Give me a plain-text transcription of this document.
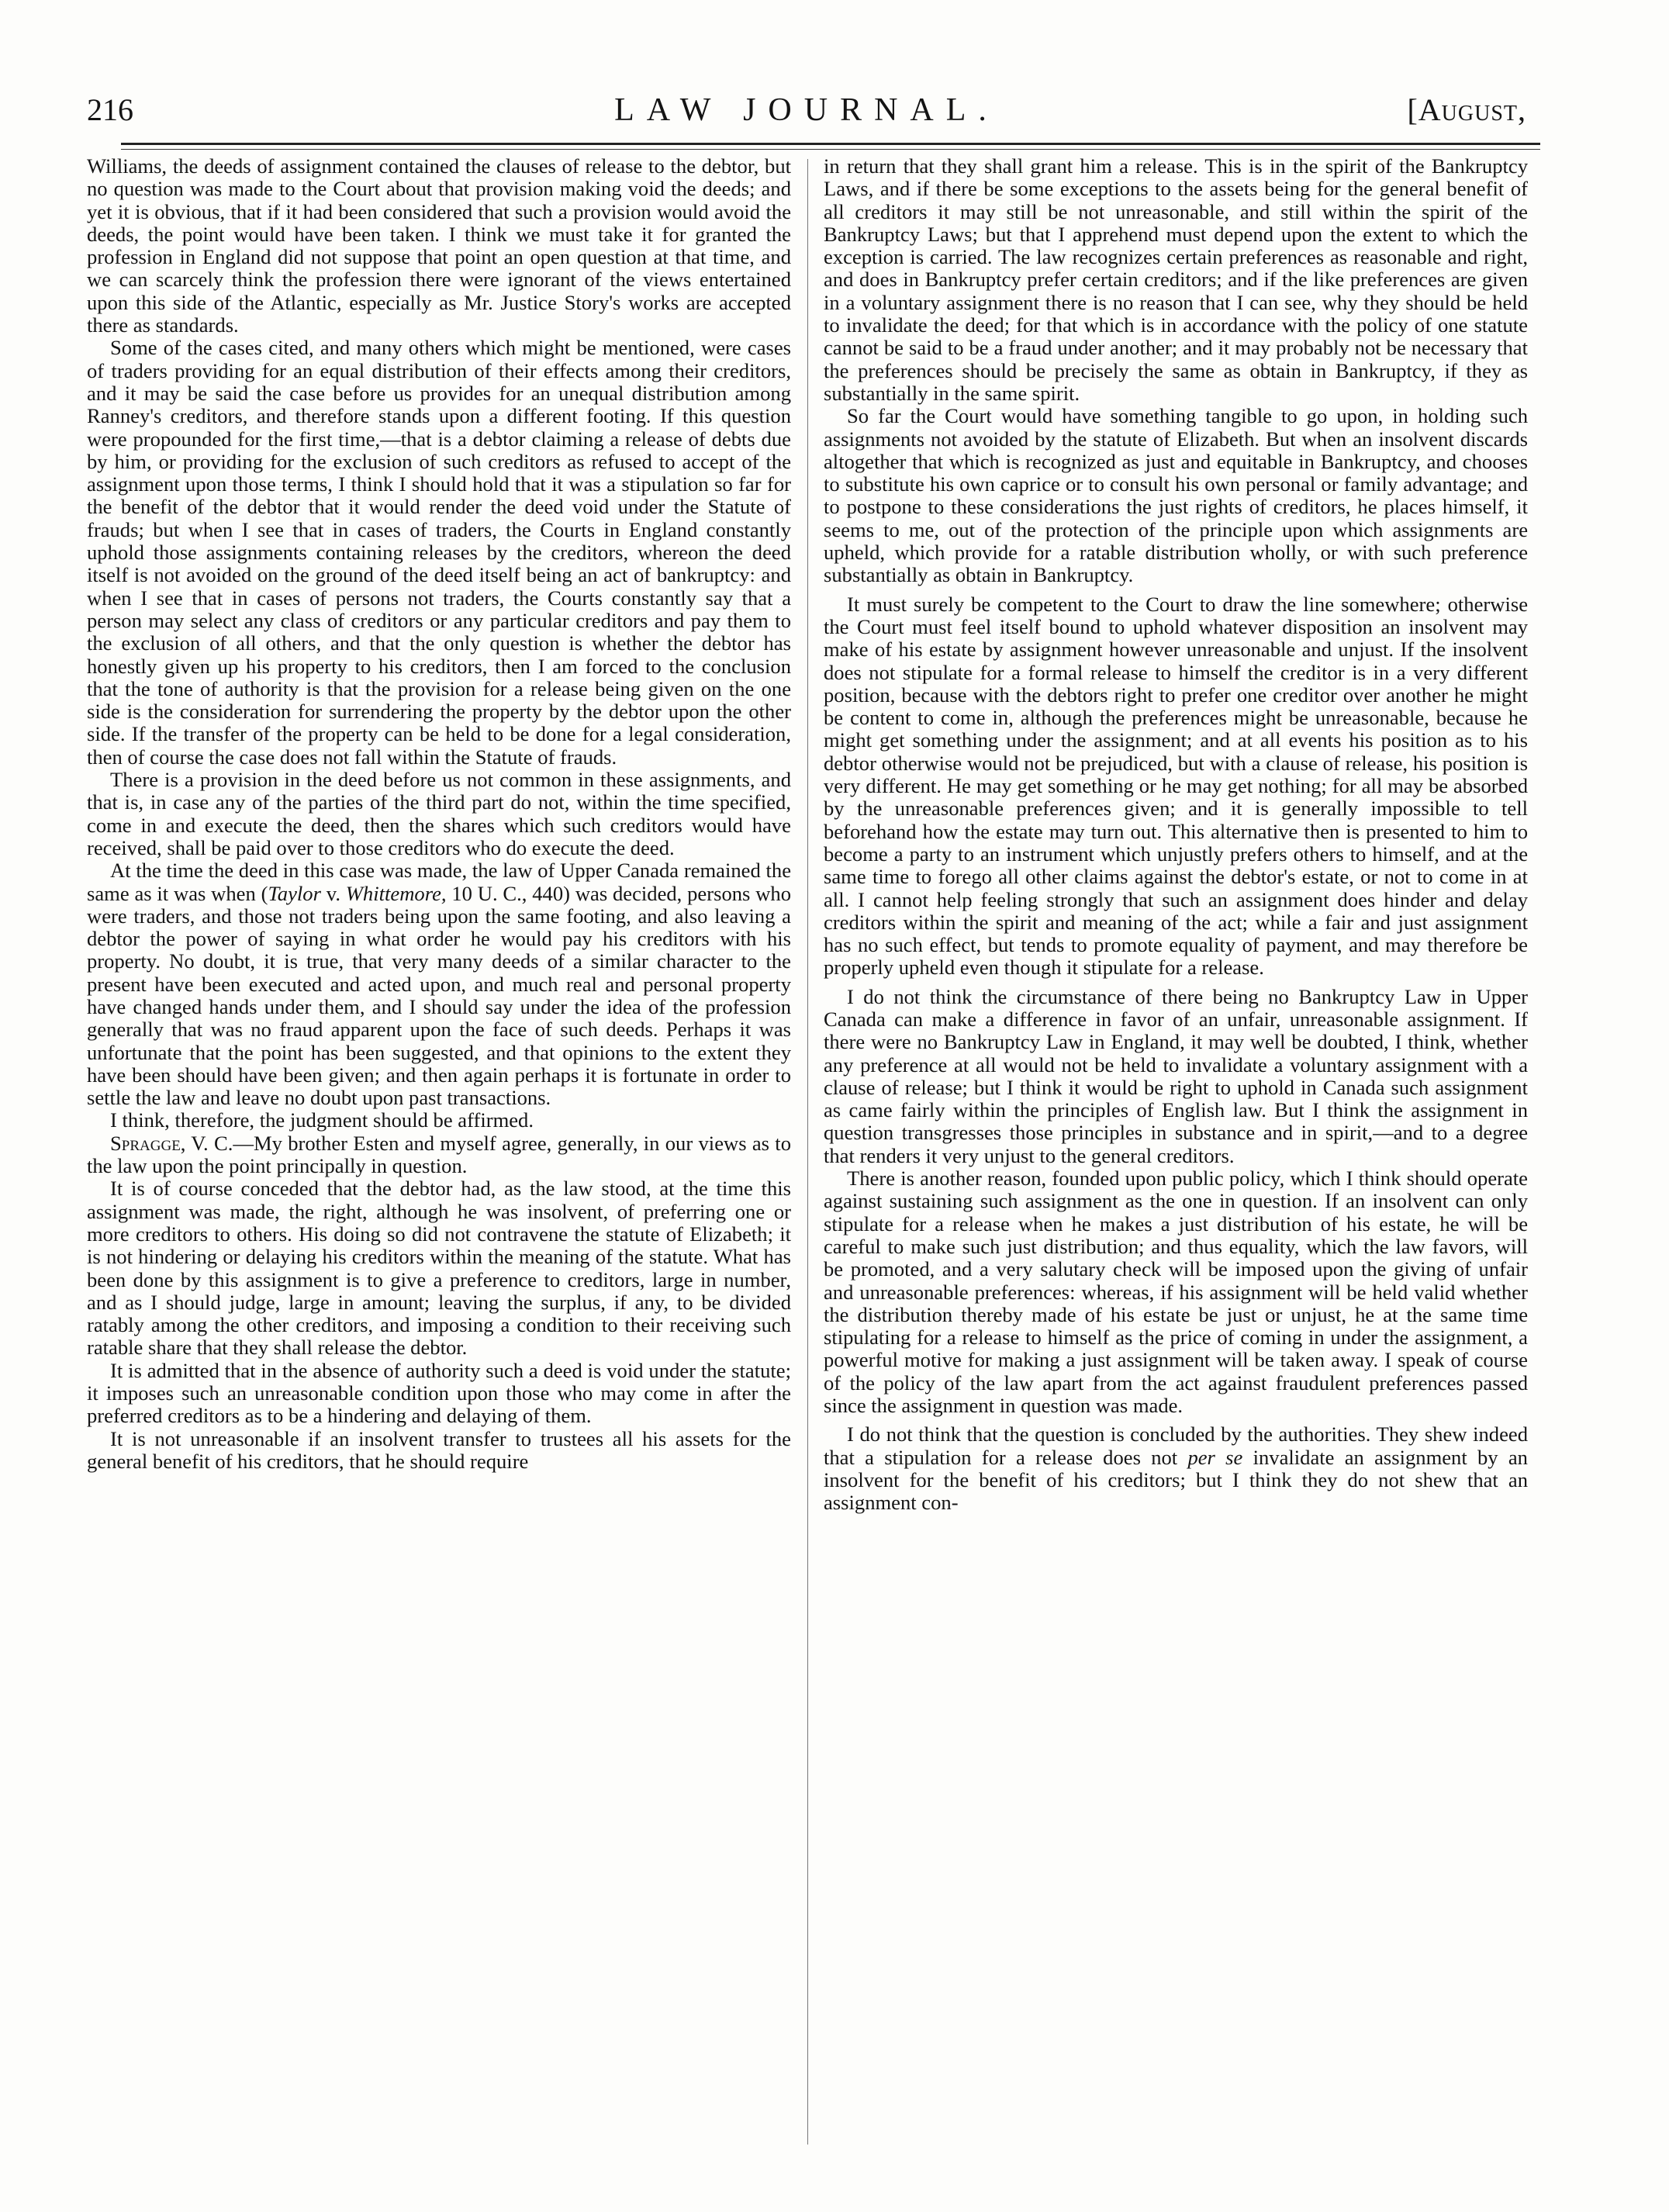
216	LAW JOURNAL.	[August,

Williams, the deeds of assignment contained the clauses of release to the debtor, but no question was made to the Court about that provision making void the deeds; and yet it is obvious, that if it had been considered that such a provision would avoid the deeds, the point would have been taken. I think we must take it for granted the profession in England did not suppose that point an open question at that time, and we can scarcely think the profession there were ignorant of the views entertained upon this side of the Atlantic, especially as Mr. Justice Story's works are accepted there as standards.

Some of the cases cited, and many others which might be mentioned, were cases of traders providing for an equal distribution of their effects among their creditors, and it may be said the case before us provides for an unequal distribution among Ranney's creditors, and therefore stands upon a different footing. If this question were propounded for the first time,—that is a debtor claiming a release of debts due by him, or providing for the exclusion of such creditors as refused to accept of the assignment upon those terms, I think I should hold that it was a stipulation so far for the benefit of the debtor that it would render the deed void under the Statute of frauds; but when I see that in cases of traders, the Courts in England constantly uphold those assignments containing releases by the creditors, whereon the deed itself is not avoided on the ground of the deed itself being an act of bankruptcy: and when I see that in cases of persons not traders, the Courts constantly say that a person may select any class of creditors or any particular creditors and pay them to the exclusion of all others, and that the only question is whether the debtor has honestly given up his property to his creditors, then I am forced to the conclusion that the tone of authority is that the provision for a release being given on the one side is the consideration for surrendering the property by the debtor upon the other side. If the transfer of the property can be held to be done for a legal consideration, then of course the case does not fall within the Statute of frauds.

There is a provision in the deed before us not common in these assignments, and that is, in case any of the parties of the third part do not, within the time specified, come in and execute the deed, then the shares which such creditors would have received, shall be paid over to those creditors who do execute the deed.

At the time the deed in this case was made, the law of Upper Canada remained the same as it was when (Taylor v. Whittemore, 10 U. C., 440) was decided, persons who were traders, and those not traders being upon the same footing, and also leaving a debtor the power of saying in what order he would pay his creditors with his property. No doubt, it is true, that very many deeds of a similar character to the present have been executed and acted upon, and much real and personal property have changed hands under them, and I should say under the idea of the profession generally that was no fraud apparent upon the face of such deeds. Perhaps it was unfortunate that the point has been suggested, and that opinions to the extent they have been should have been given; and then again perhaps it is fortunate in order to settle the law and leave no doubt upon past transactions.

I think, therefore, the judgment should be affirmed.

Spragge, V. C.—My brother Esten and myself agree, generally, in our views as to the law upon the point principally in question.

It is of course conceded that the debtor had, as the law stood, at the time this assignment was made, the right, although he was insolvent, of preferring one or more creditors to others. His doing so did not contravene the statute of Elizabeth; it is not hindering or delaying his creditors within the meaning of the statute. What has been done by this assignment is to give a preference to creditors, large in number, and as I should judge, large in amount; leaving the surplus, if any, to be divided ratably among the other creditors, and imposing a condition to their receiving such ratable share that they shall release the debtor.

It is admitted that in the absence of authority such a deed is void under the statute; it imposes such an unreasonable condition upon those who may come in after the preferred creditors as to be a hindering and delaying of them.

It is not unreasonable if an insolvent transfer to trustees all his assets for the general benefit of his creditors, that he should require

in return that they shall grant him a release. This is in the spirit of the Bankruptcy Laws, and if there be some exceptions to the assets being for the general benefit of all creditors it may still be not unreasonable, and still within the spirit of the Bankruptcy Laws; but that I apprehend must depend upon the extent to which the exception is carried. The law recognizes certain preferences as reasonable and right, and does in Bankruptcy prefer certain creditors; and if the like preferences are given in a voluntary assignment there is no reason that I can see, why they should be held to invalidate the deed; for that which is in accordance with the policy of one statute cannot be said to be a fraud under another; and it may probably not be necessary that the preferences should be precisely the same as obtain in Bankruptcy, if they as substantially in the same spirit.

So far the Court would have something tangible to go upon, in holding such assignments not avoided by the statute of Elizabeth. But when an insolvent discards altogether that which is recognized as just and equitable in Bankruptcy, and chooses to substitute his own caprice or to consult his own personal or family advantage; and to postpone to these considerations the just rights of creditors, he places himself, it seems to me, out of the protection of the principle upon which assignments are upheld, which provide for a ratable distribution wholly, or with such preference substantially as obtain in Bankruptcy.

It must surely be competent to the Court to draw the line somewhere; otherwise the Court must feel itself bound to uphold whatever disposition an insolvent may make of his estate by assignment however unreasonable and unjust. If the insolvent does not stipulate for a formal release to himself the creditor is in a very different position, because with the debtors right to prefer one creditor over another he might be content to come in, although the preferences might be unreasonable, because he might get something under the assignment; and at all events his position as to his debtor otherwise would not be prejudiced, but with a clause of release, his position is very different. He may get something or he may get nothing; for all may be absorbed by the unreasonable preferences given; and it is generally impossible to tell beforehand how the estate may turn out. This alternative then is presented to him to become a party to an instrument which unjustly prefers others to himself, and at the same time to forego all other claims against the debtor's estate, or not to come in at all. I cannot help feeling strongly that such an assignment does hinder and delay creditors within the spirit and meaning of the act; while a fair and just assignment has no such effect, but tends to promote equality of payment, and may therefore be properly upheld even though it stipulate for a release.

I do not think the circumstance of there being no Bankruptcy Law in Upper Canada can make a difference in favor of an unfair, unreasonable assignment. If there were no Bankruptcy Law in England, it may well be doubted, I think, whether any preference at all would not be held to invalidate a voluntary assignment with a clause of release; but I think it would be right to uphold in Canada such assignment as came fairly within the principles of English law. But I think the assignment in question transgresses those principles in substance and in spirit,—and to a degree that renders it very unjust to the general creditors.

There is another reason, founded upon public policy, which I think should operate against sustaining such assignment as the one in question. If an insolvent can only stipulate for a release when he makes a just distribution of his estate, he will be careful to make such just distribution; and thus equality, which the law favors, will be promoted, and a very salutary check will be imposed upon the giving of unfair and unreasonable preferences: whereas, if his assignment will be held valid whether the distribution thereby made of his estate be just or unjust, he at the same time stipulating for a release to himself as the price of coming in under the assignment, a powerful motive for making a just assignment will be taken away. I speak of course of the policy of the law apart from the act against fraudulent preferences passed since the assignment in question was made.

I do not think that the question is concluded by the authorities. They shew indeed that a stipulation for a release does not per se invalidate an assignment by an insolvent for the benefit of his creditors; but I think they do not shew that an assignment con-
